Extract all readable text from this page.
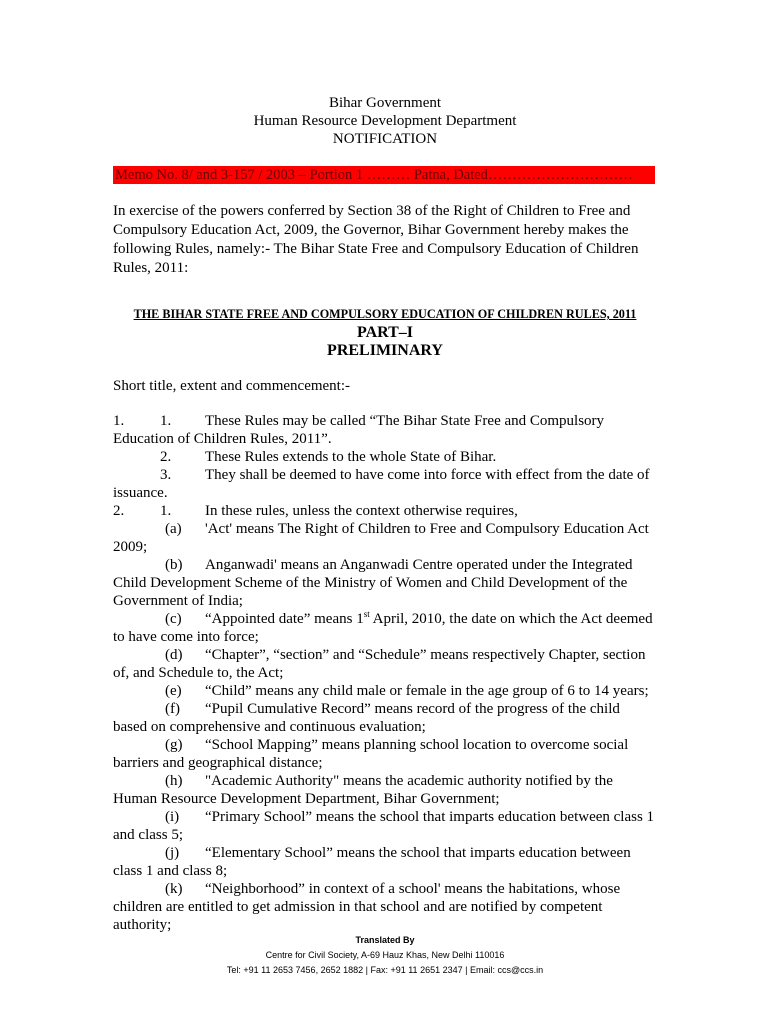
Bihar Government
Human Resource Development Department
NOTIFICATION
Memo No. 8/ and 3-157 / 2003 – Portion 1 ……… Patna, Dated…………………………
In exercise of the powers conferred by Section 38 of the Right of Children to Free and Compulsory Education Act, 2009, the Governor, Bihar Government hereby makes the following Rules, namely:- The Bihar State Free and Compulsory Education of Children Rules, 2011:
THE BIHAR STATE FREE AND COMPULSORY EDUCATION OF CHILDREN RULES, 2011
PART–I
PRELIMINARY
Short title, extent and commencement:-
1. 1. These Rules may be called “The Bihar State Free and Compulsory
Education of Children Rules, 2011”.
2. These Rules extends to the whole State of Bihar.
3. They shall be deemed to have come into force with effect from the date of
issuance.
2. 1. In these rules, unless the context otherwise requires,
(a) 'Act' means The Right of Children to Free and Compulsory Education Act
2009;
(b) Anganwadi' means an Anganwadi Centre operated under the Integrated
Child Development Scheme of the Ministry of Women and Child Development of the
Government of India;
(c) “Appointed date” means 1st April, 2010, the date on which the Act deemed
to have come into force;
(d) “Chapter”, “section” and “Schedule” means respectively Chapter, section
of, and Schedule to, the Act;
(e) “Child” means any child male or female in the age group of 6 to 14 years;
(f) “Pupil Cumulative Record” means record of the progress of the child
based on comprehensive and continuous evaluation;
(g) “School Mapping” means planning school location to overcome social
barriers and geographical distance;
(h) "Academic Authority" means the academic authority notified by the
Human Resource Development Department, Bihar Government;
(i) “Primary School” means the school that imparts education between class 1
and class 5;
(j) “Elementary School” means the school that imparts education between
class 1 and class 8;
(k) “Neighborhood” in context of a school' means the habitations, whose
children are entitled to get admission in that school and are notified by competent
authority;
Translated By
Centre for Civil Society, A-69 Hauz Khas, New Delhi 110016
Tel: +91 11 2653 7456, 2652 1882 | Fax: +91 11 2651 2347 | Email: ccs@ccs.in
